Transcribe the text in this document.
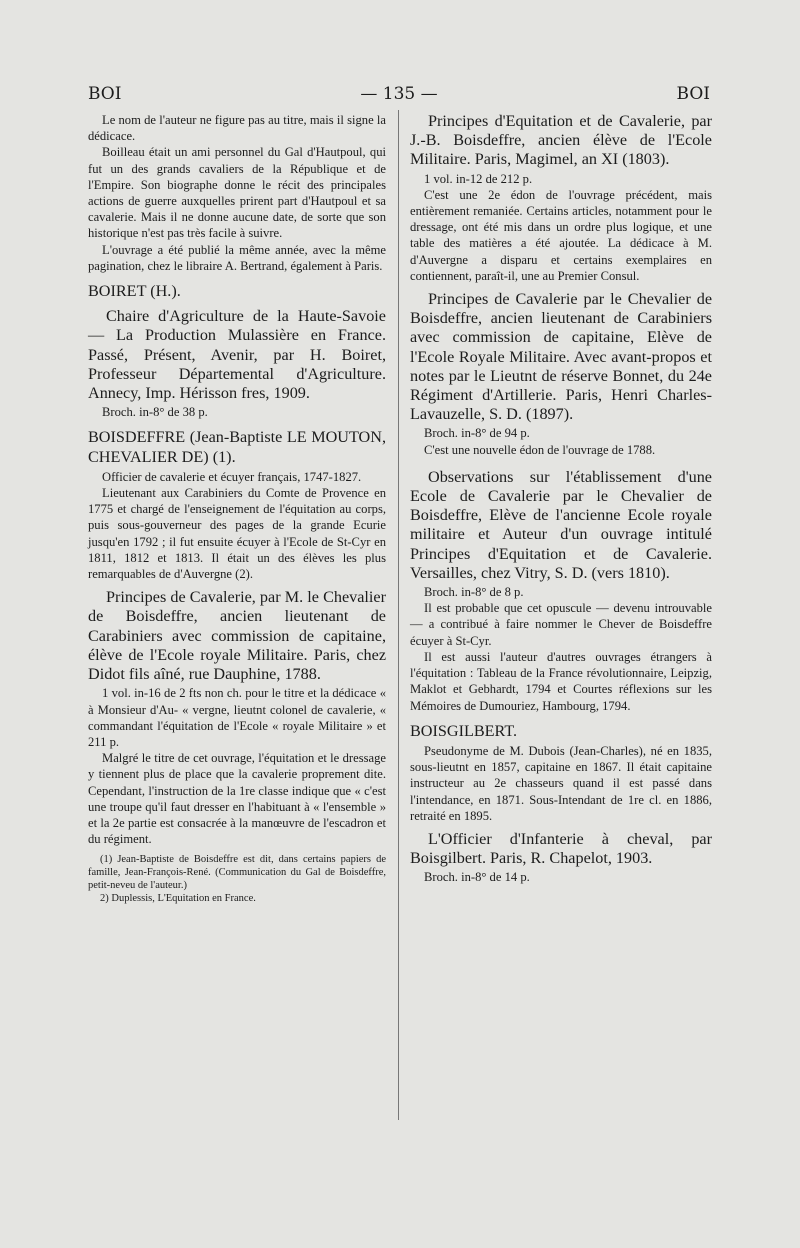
BOI	— 135 —	BOI

Le nom de l'auteur ne figure pas au titre, mais il signe la dédicace.

Boilleau était un ami personnel du Gal d'Hautpoul, qui fut un des grands cavaliers de la République et de l'Empire. Son biographe donne le récit des principales actions de guerre auxquelles prirent part d'Hautpoul et sa cavalerie. Mais il ne donne aucune date, de sorte que son historique n'est pas très facile à suivre.

L'ouvrage a été publié la même année, avec la même pagination, chez le libraire A. Bertrand, également à Paris.

BOIRET (H.).

Chaire d'Agriculture de la Haute-Savoie — La Production Mulassière en France. Passé, Présent, Avenir, par H. Boiret, Professeur Départemental d'Agriculture. Annecy, Imp. Hérisson fres, 1909.

Broch. in-8° de 38 p.

BOISDEFFRE (Jean-Baptiste LE MOUTON, CHEVALIER DE) (1).

Officier de cavalerie et écuyer français, 1747-1827.

Lieutenant aux Carabiniers du Comte de Provence en 1775 et chargé de l'enseignement de l'équitation au corps, puis sous-gouverneur des pages de la grande Ecurie jusqu'en 1792 ; il fut ensuite écuyer à l'Ecole de St-Cyr en 1811, 1812 et 1813. Il était un des élèves les plus remarquables de d'Auvergne (2).

Principes de Cavalerie, par M. le Chevalier de Boisdeffre, ancien lieutenant de Carabiniers avec commission de capitaine, élève de l'Ecole royale Militaire. Paris, chez Didot fils aîné, rue Dauphine, 1788.

1 vol. in-16 de 2 fts non ch. pour le titre et la dédicace « à Monsieur d'Au- « vergne, lieutnt colonel de cavalerie, « commandant l'équitation de l'Ecole « royale Militaire » et 211 p.

Malgré le titre de cet ouvrage, l'équitation et le dressage y tiennent plus de place que la cavalerie proprement dite. Cependant, l'instruction de la 1re classe indique que « c'est une troupe qu'il faut dresser en l'habituant à « l'ensemble » et la 2e partie est consacrée à la manœuvre de l'escadron et du régiment.

(1) Jean-Baptiste de Boisdeffre est dit, dans certains papiers de famille, Jean-François-René. (Communication du Gal de Boisdeffre, petit-neveu de l'auteur.)

2) Duplessis, L'Equitation en France.

Principes d'Equitation et de Cavalerie, par J.-B. Boisdeffre, ancien élève de l'Ecole Militaire. Paris, Magimel, an XI (1803).

1 vol. in-12 de 212 p.

C'est une 2e édon de l'ouvrage précédent, mais entièrement remaniée. Certains articles, notamment pour le dressage, ont été mis dans un ordre plus logique, et une table des matières a été ajoutée. La dédicace à M. d'Auvergne a disparu et certains exemplaires en contiennent, paraît-il, une au Premier Consul.

Principes de Cavalerie par le Chevalier de Boisdeffre, ancien lieutenant de Carabiniers avec commission de capitaine, Elève de l'Ecole Royale Militaire. Avec avant-propos et notes par le Lieutnt de réserve Bonnet, du 24e Régiment d'Artillerie. Paris, Henri Charles-Lavauzelle, S. D. (1897).

Broch. in-8° de 94 p.

C'est une nouvelle édon de l'ouvrage de 1788.

Observations sur l'établissement d'une Ecole de Cavalerie par le Chevalier de Boisdeffre, Elève de l'ancienne Ecole royale militaire et Auteur d'un ouvrage intitulé Principes d'Equitation et de Cavalerie. Versailles, chez Vitry, S. D. (vers 1810).

Broch. in-8° de 8 p.

Il est probable que cet opuscule — devenu introuvable — a contribué à faire nommer le Chever de Boisdeffre écuyer à St-Cyr.

Il est aussi l'auteur d'autres ouvrages étrangers à l'équitation : Tableau de la France révolutionnaire, Leipzig, Maklot et Gebhardt, 1794 et Courtes réflexions sur les Mémoires de Dumouriez, Hambourg, 1794.

BOISGILBERT.

Pseudonyme de M. Dubois (Jean-Charles), né en 1835, sous-lieutnt en 1857, capitaine en 1867. Il était capitaine instructeur au 2e chasseurs quand il est passé dans l'intendance, en 1871. Sous-Intendant de 1re cl. en 1886, retraité en 1895.

L'Officier d'Infanterie à cheval, par Boisgilbert. Paris, R. Chapelot, 1903.

Broch. in-8° de 14 p.
